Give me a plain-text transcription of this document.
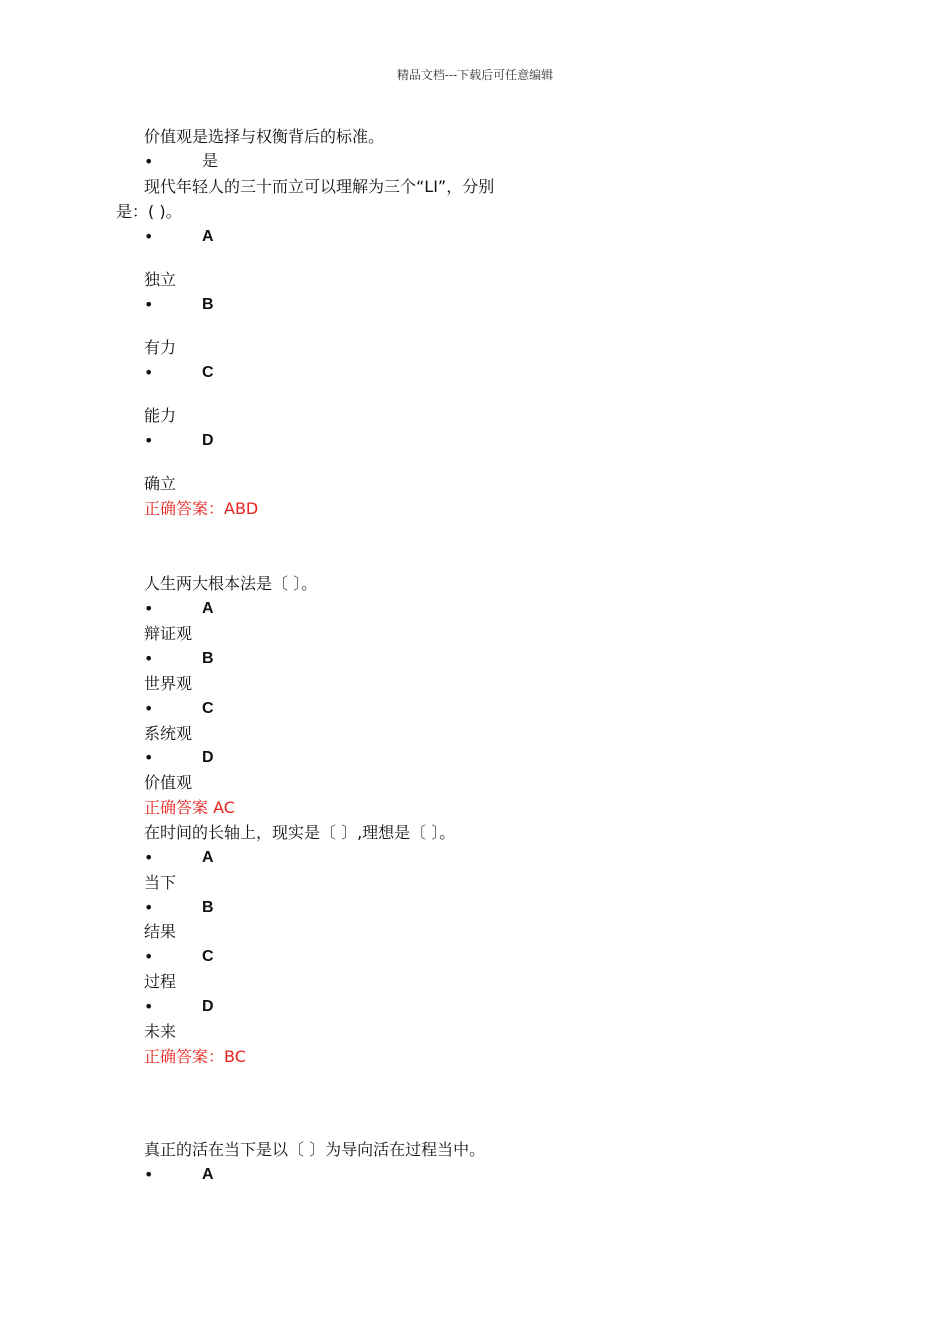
精品文档---下载后可任意编辑
价值观是选择与权衡背后的标准。
•	是
现代年轻人的三十而立可以理解为三个“LI”，分别
是：( )。
•	A
独立
•	B
有力
•	C
能力
•	D
确立
正确答案：ABD
人生两大根本法是〔 〕。
•	A
辩证观
•	B
世界观
•	C
系统观
•	D
价值观
正确答案 AC
在时间的长轴上，现实是〔 〕,理想是〔 〕。
•	A
当下
•	B
结果
•	C
过程
•	D
未来
正确答案：BC
真正的活在当下是以〔 〕为导向活在过程当中。
•	A
